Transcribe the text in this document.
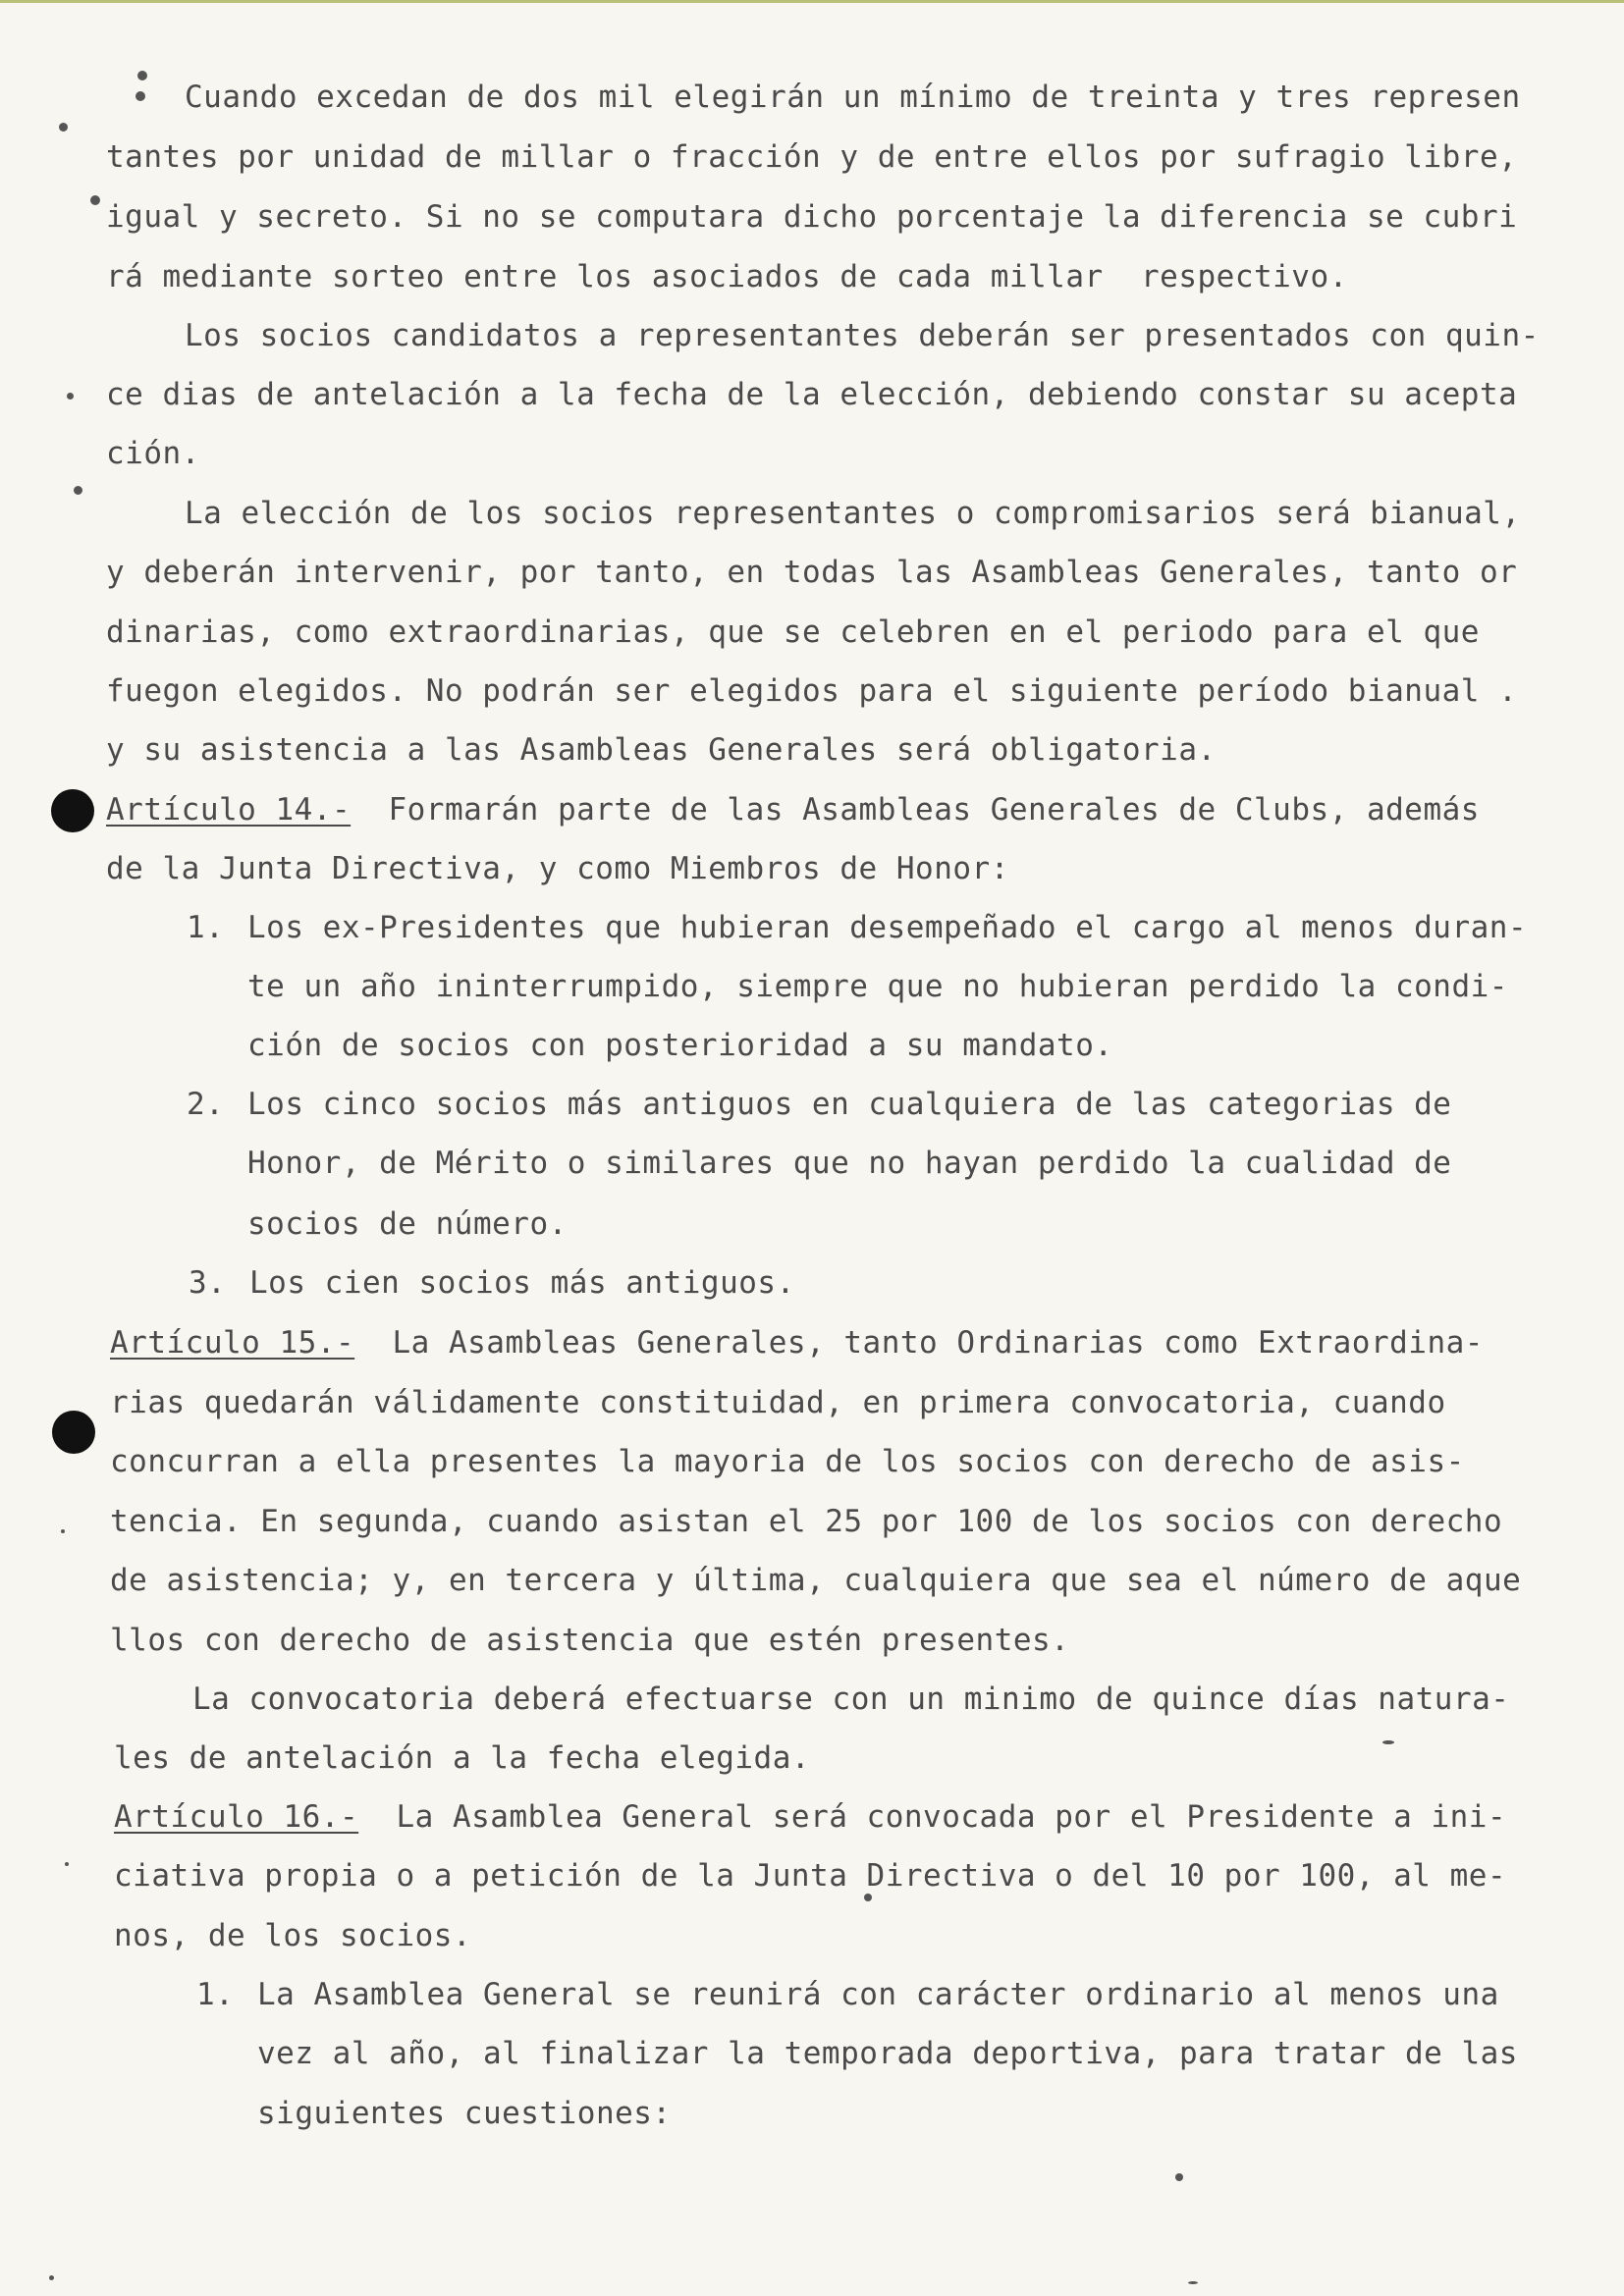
Cuando excedan de dos mil elegirán un mínimo de treinta y tres represen
tantes por unidad de millar o fracción y de entre ellos por sufragio libre,
igual y secreto. Si no se computara dicho porcentaje la diferencia se cubri
rá mediante sorteo entre los asociados de cada millar  respectivo.
Los socios candidatos a representantes deberán ser presentados con quin-
ce dias de antelación a la fecha de la elección, debiendo constar su acepta
ción.
La elección de los socios representantes o compromisarios será bianual,
y deberán intervenir, por tanto, en todas las Asambleas Generales, tanto or
dinarias, como extraordinarias, que se celebren en el periodo para el que
fuegon elegidos. No podrán ser elegidos para el siguiente período bianual .
y su asistencia a las Asambleas Generales será obligatoria.
Artículo 14.- Formarán parte de las Asambleas Generales de Clubs, además
de la Junta Directiva, y como Miembros de Honor:
1. Los ex-Presidentes que hubieran desempeñado el cargo al menos duran-
te un año ininterrumpido, siempre que no hubieran perdido la condi-
ción de socios con posterioridad a su mandato.
2. Los cinco socios más antiguos en cualquiera de las categorias de
Honor, de Mérito o similares que no hayan perdido la cualidad de
socios de número.
3. Los cien socios más antiguos.
Artículo 15.- La Asambleas Generales, tanto Ordinarias como Extraordina-
rias quedarán válidamente constituidad, en primera convocatoria, cuando
concurran a ella presentes la mayoria de los socios con derecho de asis-
tencia. En segunda, cuando asistan el 25 por 100 de los socios con derecho
de asistencia; y, en tercera y última, cualquiera que sea el número de aque
llos con derecho de asistencia que estén presentes.
La convocatoria deberá efectuarse con un minimo de quince días natura-
les de antelación a la fecha elegida.
Artículo 16.- La Asamblea General será convocada por el Presidente a ini-
ciativa propia o a petición de la Junta Directiva o del 10 por 100, al me-
nos, de los socios.
1. La Asamblea General se reunirá con carácter ordinario al menos una
vez al año, al finalizar la temporada deportiva, para tratar de las
siguientes cuestiones:
